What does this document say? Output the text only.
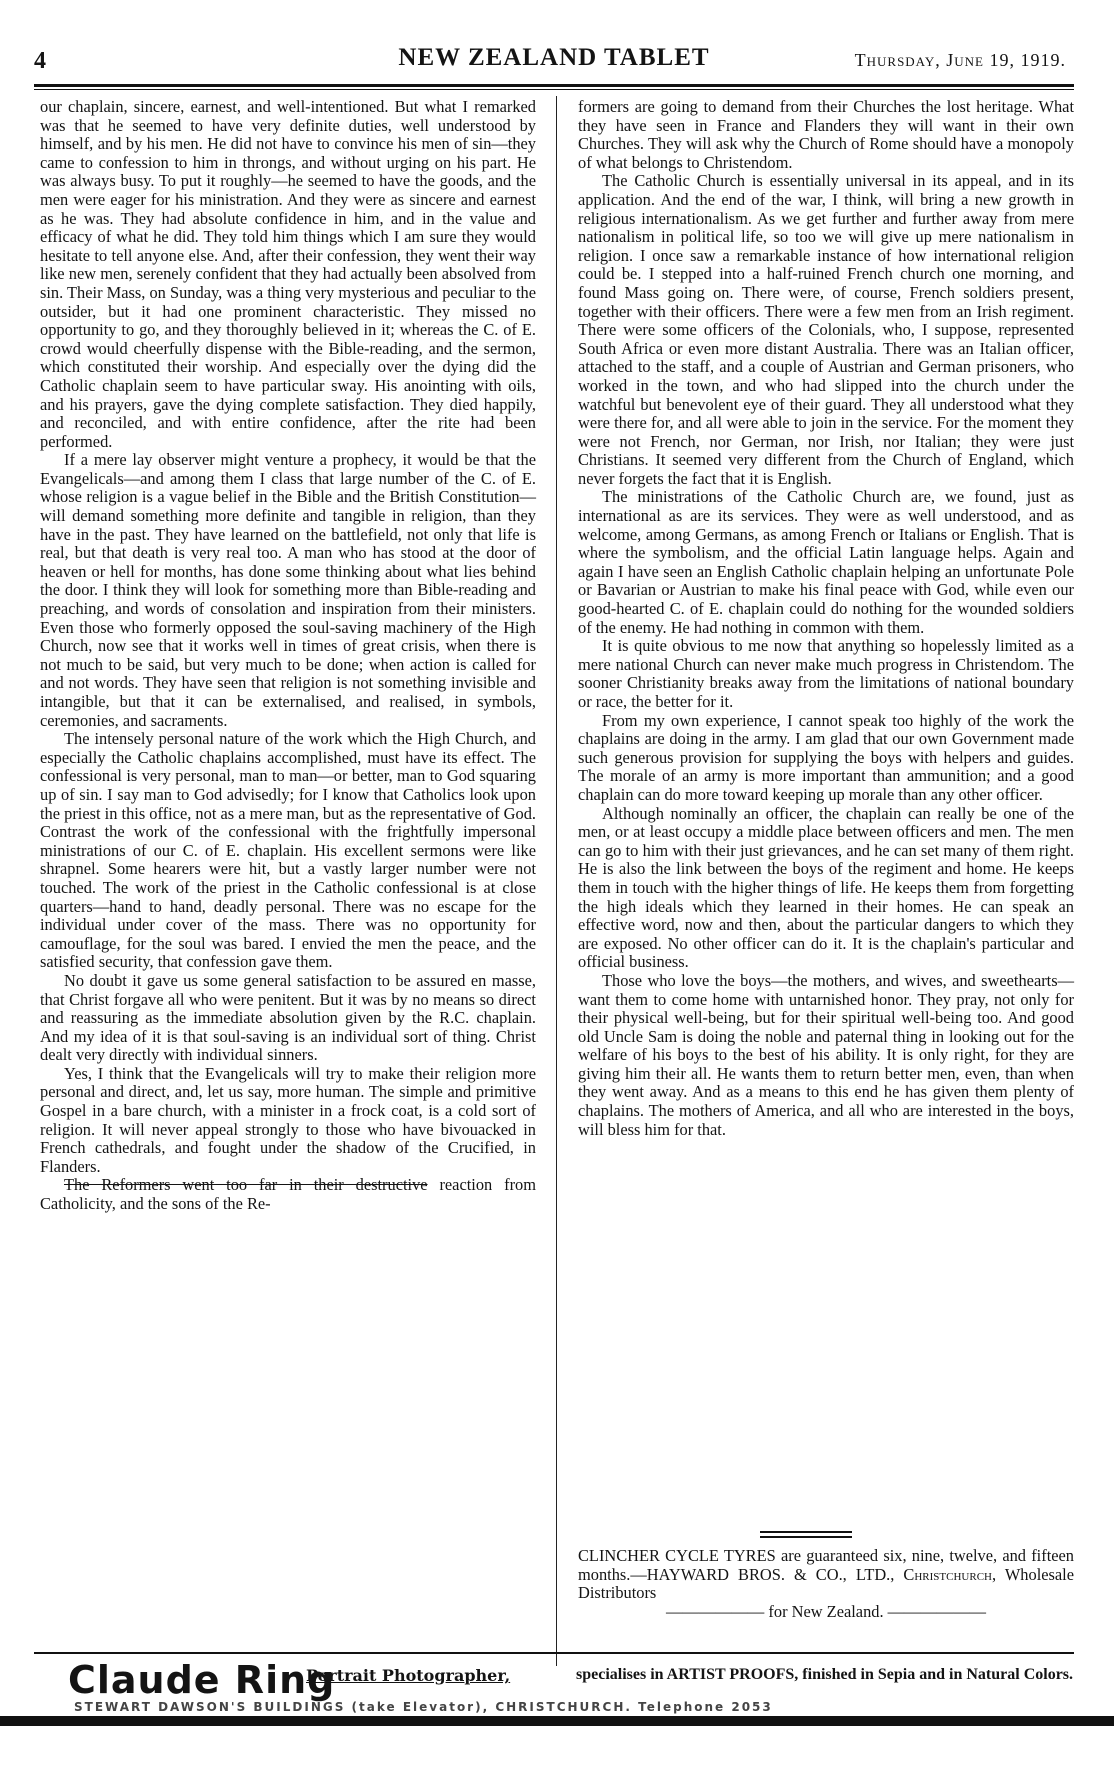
4	NEW ZEALAND TABLET	Thursday, June 19, 1919.

our chaplain, sincere, earnest, and well-intentioned. But what I remarked was that he seemed to have very definite duties, well understood by himself, and by his men. He did not have to convince his men of sin—they came to confession to him in throngs, and without urging on his part. He was always busy. To put it roughly—he seemed to have the goods, and the men were eager for his ministration. And they were as sincere and earnest as he was. They had absolute confidence in him, and in the value and efficacy of what he did. They told him things which I am sure they would hesitate to tell anyone else. And, after their confession, they went their way like new men, serenely confident that they had actually been absolved from sin. Their Mass, on Sunday, was a thing very mysterious and peculiar to the outsider, but it had one prominent characteristic. They missed no opportunity to go, and they thoroughly believed in it; whereas the C. of E. crowd would cheerfully dispense with the Bible-reading, and the sermon, which constituted their worship. And especially over the dying did the Catholic chaplain seem to have particular sway. His anointing with oils, and his prayers, gave the dying complete satisfaction. They died happily, and reconciled, and with entire confidence, after the rite had been performed.

If a mere lay observer might venture a prophecy, it would be that the Evangelicals—and among them I class that large number of the C. of E. whose religion is a vague belief in the Bible and the British Constitution—will demand something more definite and tangible in religion, than they have in the past. They have learned on the battlefield, not only that life is real, but that death is very real too. A man who has stood at the door of heaven or hell for months, has done some thinking about what lies behind the door. I think they will look for something more than Bible-reading and preaching, and words of consolation and inspiration from their ministers. Even those who formerly opposed the soul-saving machinery of the High Church, now see that it works well in times of great crisis, when there is not much to be said, but very much to be done; when action is called for and not words. They have seen that religion is not something invisible and intangible, but that it can be externalised, and realised, in symbols, ceremonies, and sacraments.

The intensely personal nature of the work which the High Church, and especially the Catholic chaplains accomplished, must have its effect. The confessional is very personal, man to man—or better, man to God squaring up of sin. I say man to God advisedly; for I know that Catholics look upon the priest in this office, not as a mere man, but as the representative of God. Contrast the work of the confessional with the frightfully impersonal ministrations of our C. of E. chaplain. His excellent sermons were like shrapnel. Some hearers were hit, but a vastly larger number were not touched. The work of the priest in the Catholic confessional is at close quarters—hand to hand, deadly personal. There was no escape for the individual under cover of the mass. There was no opportunity for camouflage, for the soul was bared. I envied the men the peace, and the satisfied security, that confession gave them.

No doubt it gave us some general satisfaction to be assured en masse, that Christ forgave all who were penitent. But it was by no means so direct and reassuring as the immediate absolution given by the R.C. chaplain. And my idea of it is that soul-saving is an individual sort of thing. Christ dealt very directly with individual sinners.

Yes, I think that the Evangelicals will try to make their religion more personal and direct, and, let us say, more human. The simple and primitive Gospel in a bare church, with a minister in a frock coat, is a cold sort of religion. It will never appeal strongly to those who have bivouacked in French cathedrals, and fought under the shadow of the Crucified, in Flanders.

The Reformers went too far in their destructive reaction from Catholicity, and the sons of the Re-

formers are going to demand from their Churches the lost heritage. What they have seen in France and Flanders they will want in their own Churches. They will ask why the Church of Rome should have a monopoly of what belongs to Christendom.

The Catholic Church is essentially universal in its appeal, and in its application. And the end of the war, I think, will bring a new growth in religious internationalism. As we get further and further away from mere nationalism in political life, so too we will give up mere nationalism in religion. I once saw a remarkable instance of how international religion could be. I stepped into a half-ruined French church one morning, and found Mass going on. There were, of course, French soldiers present, together with their officers. There were a few men from an Irish regiment. There were some officers of the Colonials, who, I suppose, represented South Africa or even more distant Australia. There was an Italian officer, attached to the staff, and a couple of Austrian and German prisoners, who worked in the town, and who had slipped into the church under the watchful but benevolent eye of their guard. They all understood what they were there for, and all were able to join in the service. For the moment they were not French, nor German, nor Irish, nor Italian; they were just Christians. It seemed very different from the Church of England, which never forgets the fact that it is English.

The ministrations of the Catholic Church are, we found, just as international as are its services. They were as well understood, and as welcome, among Germans, as among French or Italians or English. That is where the symbolism, and the official Latin language helps. Again and again I have seen an English Catholic chaplain helping an unfortunate Pole or Bavarian or Austrian to make his final peace with God, while even our good-hearted C. of E. chaplain could do nothing for the wounded soldiers of the enemy. He had nothing in common with them.

It is quite obvious to me now that anything so hopelessly limited as a mere national Church can never make much progress in Christendom. The sooner Christianity breaks away from the limitations of national boundary or race, the better for it.

From my own experience, I cannot speak too highly of the work the chaplains are doing in the army. I am glad that our own Government made such generous provision for supplying the boys with helpers and guides. The morale of an army is more important than ammunition; and a good chaplain can do more toward keeping up morale than any other officer.

Although nominally an officer, the chaplain can really be one of the men, or at least occupy a middle place between officers and men. The men can go to him with their just grievances, and he can set many of them right. He is also the link between the boys of the regiment and home. He keeps them in touch with the higher things of life. He keeps them from forgetting the high ideals which they learned in their homes. He can speak an effective word, now and then, about the particular dangers to which they are exposed. No other officer can do it. It is the chaplain's particular and official business.

Those who love the boys—the mothers, and wives, and sweethearts—want them to come home with untarnished honor. They pray, not only for their physical well-being, but for their spiritual well-being too. And good old Uncle Sam is doing the noble and paternal thing in looking out for the welfare of his boys to the best of his ability. It is only right, for they are giving him their all. He wants them to return better men, even, than when they went away. And as a means to this end he has given them plenty of chaplains. The mothers of America, and all who are interested in the boys, will bless him for that.

CLINCHER CYCLE TYRES are guaranteed six, nine, twelve, and fifteen months.—HAYWARD BROS. & CO., LTD., Christchurch, Wholesale Distributors
—————— for New Zealand. ——————
Claude Ring
Portrait Photographer,	specialises in ARTIST PROOFS, finished in Sepia and in Natural Colors.
STEWART DAWSON'S BUILDINGS (take Elevator), CHRISTCHURCH. Telephone 2053
